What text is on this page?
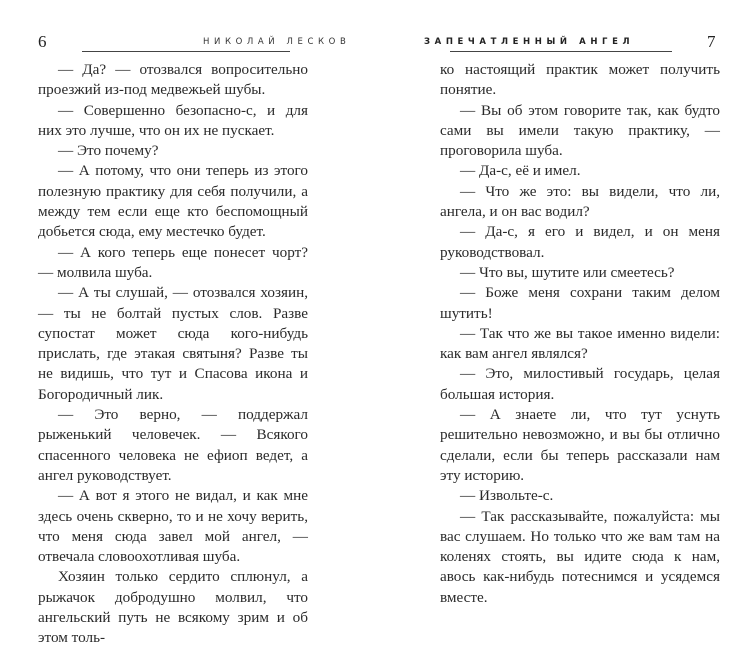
6	НИКОЛАЙ ЛЕСКОВ

— Да? — отозвался вопросительно проезжий из-под медвежьей шубы.

— Совершенно безопасно-с, и для них это лучше, что он их не пускает.

— Это почему?

— А потому, что они теперь из этого полезную практику для себя получили, а между тем если еще кто беспомощный добьется сюда, ему местечко будет.

— А кого теперь еще понесет чорт? — молвила шуба.

— А ты слушай, — отозвался хозяин, — ты не болтай пустых слов. Разве супостат может сюда кого-нибудь прислать, где этакая святыня? Разве ты не видишь, что тут и Спасова икона и Богородичный лик.

— Это верно, — поддержал рыженький человечек. — Всякого спасенного человека не ефиоп ведет, а ангел руководствует.

— А вот я этого не видал, и как мне здесь очень скверно, то и не хочу верить, что меня сюда завел мой ангел, — отвечала словоохотливая шуба.

Хозяин только сердито сплюнул, а рыжачок добродушно молвил, что ангельский путь не всякому зрим и об этом толь-

ЗАПЕЧАТЛЕННЫЙ АНГЕЛ	7

ко настоящий практик может получить понятие.

— Вы об этом говорите так, как будто сами вы имели такую практику, — проговорила шуба.

— Да-с, её и имел.

— Что же это: вы видели, что ли, ангела, и он вас водил?

— Да-с, я его и видел, и он меня руководствовал.

— Что вы, шутите или смеетесь?

— Боже меня сохрани таким делом шутить!

— Так что же вы такое именно видели: как вам ангел являлся?

— Это, милостивый государь, целая большая история.

— А знаете ли, что тут уснуть решительно невозможно, и вы бы отлично сделали, если бы теперь рассказали нам эту историю.

— Извольте-с.

— Так рассказывайте, пожалуйста: мы вас слушаем. Но только что же вам там на коленях стоять, вы идите сюда к нам, авось как-нибудь потеснимся и усядемся вместе.
